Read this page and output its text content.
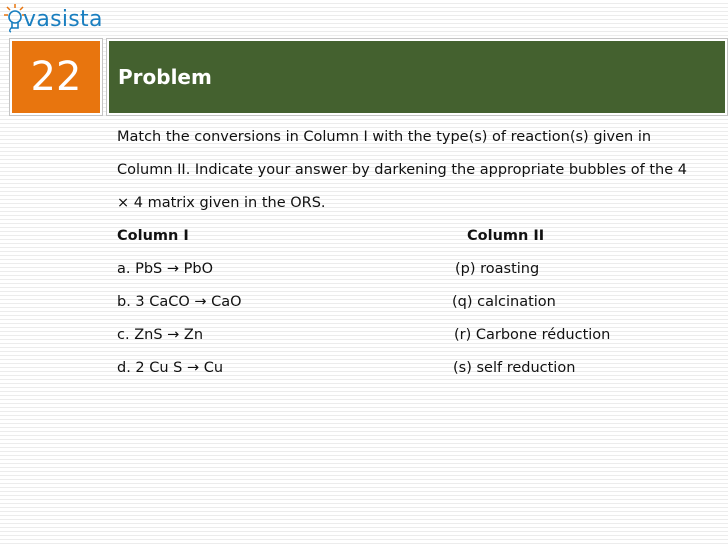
vasista
22 Problem

Match the conversions in Column I with the type(s) of reaction(s) given in

Column II. Indicate your answer by darkening the appropriate bubbles of the 4

× 4 matrix given in the ORS.

Column I	Column II
a. PbS → PbO	(p) roasting
b. 3 CaCO → CaO	(q) calcination
c. ZnS → Zn	(r) Carbone réduction
d. 2 Cu S → Cu	(s) self reduction
